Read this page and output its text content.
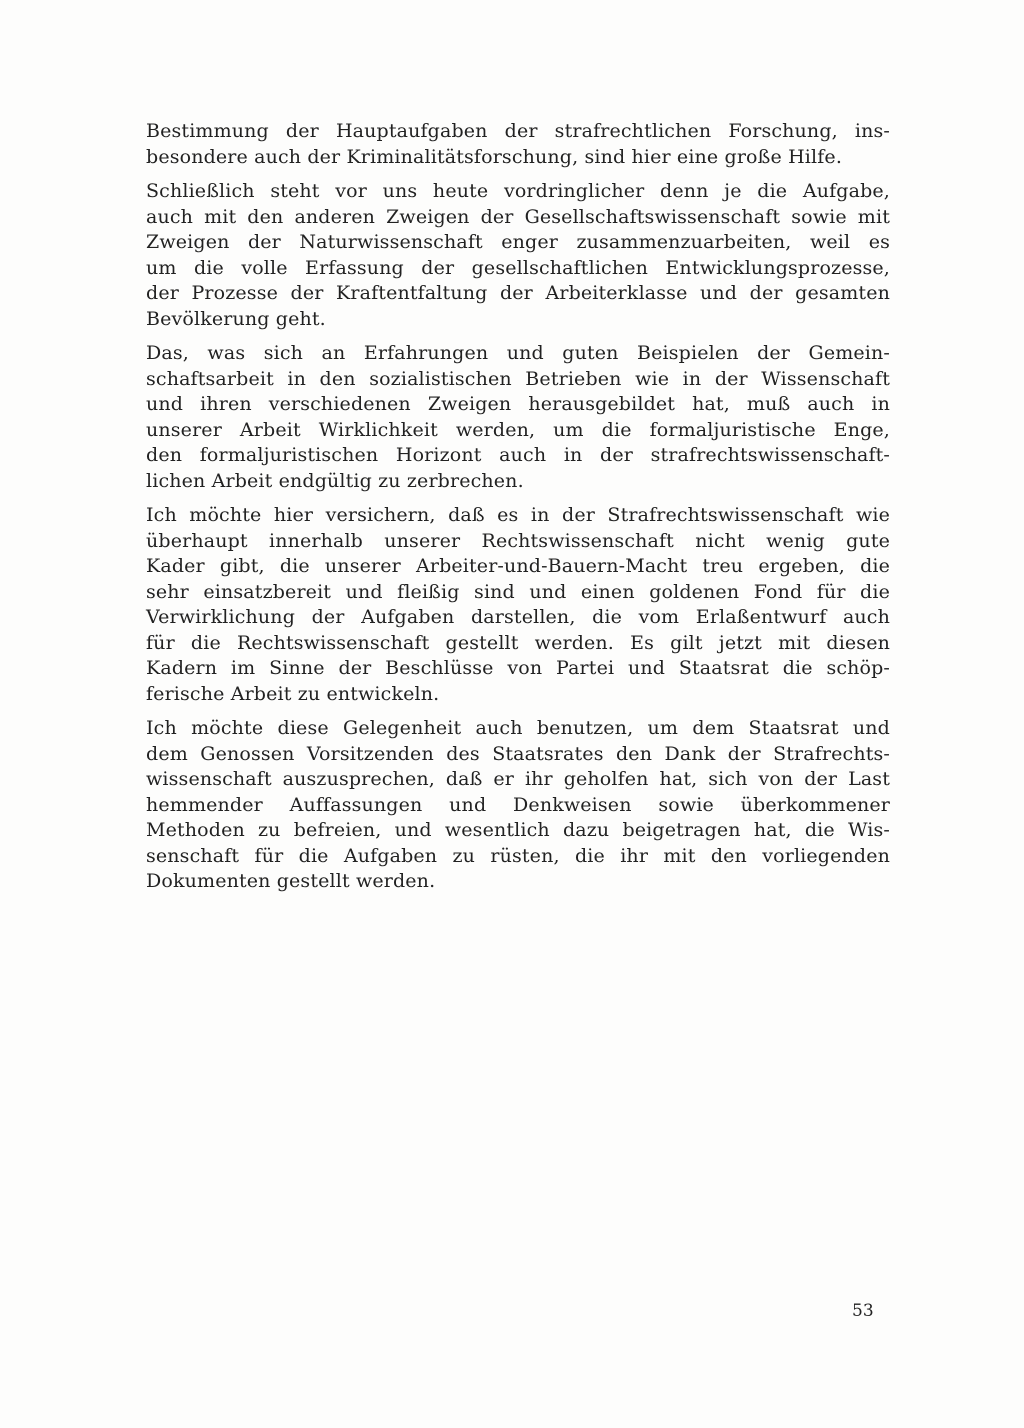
Bestimmung der Hauptaufgaben der strafrechtlichen Forschung, ins-
besondere auch der Kriminalitätsforschung, sind hier eine große Hilfe.

Schließlich steht vor uns heute vordringlicher denn je die Aufgabe,
auch mit den anderen Zweigen der Gesellschaftswissenschaft sowie mit
Zweigen der Naturwissenschaft enger zusammenzuarbeiten, weil es
um die volle Erfassung der gesellschaftlichen Entwicklungsprozesse,
der Prozesse der Kraftentfaltung der Arbeiterklasse und der gesamten
Bevölkerung geht.

Das, was sich an Erfahrungen und guten Beispielen der Gemein-
schaftsarbeit in den sozialistischen Betrieben wie in der Wissenschaft
und ihren verschiedenen Zweigen herausgebildet hat, muß auch in
unserer Arbeit Wirklichkeit werden, um die formaljuristische Enge,
den formaljuristischen Horizont auch in der strafrechtswissenschaft-
lichen Arbeit endgültig zu zerbrechen.

Ich möchte hier versichern, daß es in der Strafrechtswissenschaft wie
überhaupt innerhalb unserer Rechtswissenschaft nicht wenig gute
Kader gibt, die unserer Arbeiter-und-Bauern-Macht treu ergeben, die
sehr einsatzbereit und fleißig sind und einen goldenen Fond für die
Verwirklichung der Aufgaben darstellen, die vom Erlaßentwurf auch
für die Rechtswissenschaft gestellt werden. Es gilt jetzt mit diesen
Kadern im Sinne der Beschlüsse von Partei und Staatsrat die schöp-
ferische Arbeit zu entwickeln.

Ich möchte diese Gelegenheit auch benutzen, um dem Staatsrat und
dem Genossen Vorsitzenden des Staatsrates den Dank der Strafrechts-
wissenschaft auszusprechen, daß er ihr geholfen hat, sich von der Last
hemmender Auffassungen und Denkweisen sowie überkommener
Methoden zu befreien, und wesentlich dazu beigetragen hat, die Wis-
senschaft für die Aufgaben zu rüsten, die ihr mit den vorliegenden
Dokumenten gestellt werden.

53
